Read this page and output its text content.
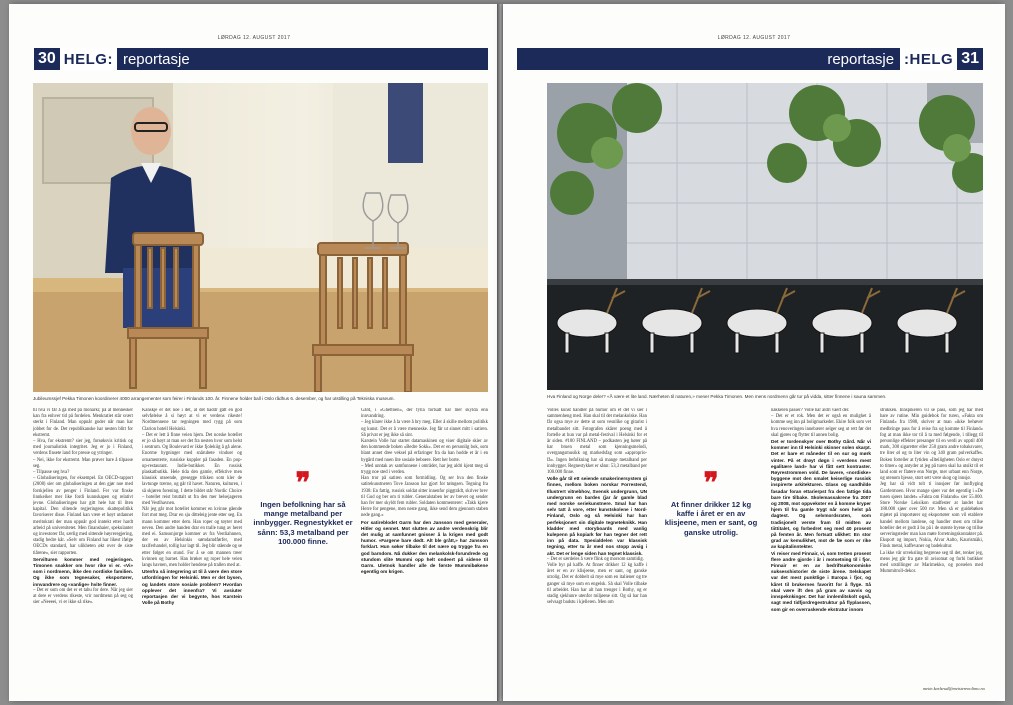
LØRDAG 12. AUGUST 2017
30 HELG: reportasje
Jubileumssjef Pekka Timonen koordinerer 4000 arrangementer som feirer i Finlands 100. år. Finnene holder ball i Oslo rådhus 6. desember, og har utstilling på Tekniska museum.

til hva vi får å gå med på monarki; på at mennesker kan fra enhver tid på fordelen. Menkratiet står svært sterkt i Finland. Man oppnår goder når man har jobbet for de. Det republikanske har nesten blitt for ekstremt.

– Hva, for ekstremt? sier jeg, forsøksvis kritisk og med journalistisk integritet. Jeg er jo i Finland, verdens finsete land for presse og ytringer.

– Nei, ikke for ekstremt. Man prøver bare å tilpasse seg.

– Tilpasse seg hva?

– Globaliseringen, for eksempel. En OECD-rapport (2008) sier om globaliseringen at den gjør noe med forskjellen av penger i Finland. Fer var finske linnkeiker mer like fordi kunnskapen og relativt jevne. Globaliseringen har gitt hele hat til liten kapital. Den slitende regjeringens skattepolitikk favoriserer disse. Finland kan være et høyt utdannet meritokrati der man oppnår god inntekt etter hardt arbeid på universitetet. Men finanshaier, spekulanter og investorer får, særlig med sittende høyreregjering, stadig bedre kår. «Selv om Finland har likest ifølge OECDs standard, har ulikheten økt over de siste tiårene», sier rapporten.

Servilturen kommer med regjeringen. Timonen snakker om hvor rike vi er. «Vi» som i nordmenn, ikke den nordiske familien. Og ikke som tegnesaker, eksportører, innvandrere og «vanlige» hvite finner.

– Det er som om det er et tabu for dere. Når jeg sier at dere er verdens rikeste, vrir nordmenn på seg og sier «Neeeei, vi er ikke så rike».

Kanskje er det noe i det, at det haddr gått en god selvfølelse å si høyt at vi er verdens rikeste! Nordmennene tar regningen med rygg på som Clarion hotell Helsinki.

– Det er lett å finne veien hjem. Det norske hotellet er jo så høyt at man ser det fra nesten hvor som helst i sentrum. Og Boulevard er ikke fjolekiig å gå alene. Enorme bygninger med snårubete vinduer og ornamenterte, russiske kuppler på fasaden. En pop-up-restaurant. Indie-butikker. En russisk plaskatbutikk. Hele tida den gamle, effektive men klassisk utseende, gresegge trikken som kler de lavtunge trærne, og går til havet. Naturen, kulturen, i så skjøren forening. I dette bildet står Nordic Choice – hotellet reist bruttalt ut fra den mer helsejageren med Vestlhavnen.

Når jeg går mot hotellet kommer en kvinne gående fort mot meg. Drar en sju ditteleig jente etter seg. En mann kommer etter dem. Han roper og tøyter med neven. Den andre handen drar en tralle tung av heret med ei. Samsonjorge kommer av fra Vestliahnnen, der en av Helsinkis sømdamdførfer, med taxiferhandel, tollig har lagt til. Jeg blir stående og se etter følget en stund. For å se om mannen treer kvinnen og barnet. Han brøker og roper hele veien langs havnen, men holder hendene på trallen med at.

Utenfra så integrering ut til å være den store utfordringen for Helsinki. Men er det bysen, og landets store sosiale problem? Hvordan opplever det innenfra? Vi avsiuter reportasjen der vi begynte, hos Karstein Volle på Bothy

❞
Ingen befolkning har så mange metalband per innbygger. Regnestykket er sånn: 53,3 metalband per 100.000 finne.

Gård, i «Ghettoen», der fylla fortsatt har mer skylda enn innvandring.

– Jeg klarer ikke å la være å bry meg. Eller å skille mellom politikk og kunst. Det er å være menneske. Jeg får ut sinnet mitt i satiren. Så privat er jeg ikke så sint.

Karstein Volle har startet datamaskinen og viser digitale skier av den kommende boken «Bedre Sokk». Det er en personlig bok, som blant annet dree veksel på erfaringer fra da han hodde et år i en bygård med noen lite sosiale beboere. Rett her borte.

– Med unntak av samfunnene i området, har jeg aldri kjent meg så trygg noe sted i verden.

Han tror på satiren som formidling. Og ser hva den finske satirekunstneren Tove Jansson har gjort for tøingsen. Tegning fra 1938: En fattig, russisk soldat sitter innenfor piggtrådt, skriver brev til Gud og ber om ti rubler. Generalstaben ler av brevet og sender han fer mer skyldt fem rubler. Soldaten kommenterer: «Takk kjære Herre for pengene, men neste gang, ikke send dem gjennom staben nede gang.»

For satireblodet Garm har den Jansson med generaler, Hitler og sennet. Mot slutten av andre verdenskrig blir det mulig at samfunnet gnisser å la krigen med godt humor. «Fargene bare dødt. Alt ble grått,» har Jansson forklart. Hun søker tilbake til det nære og trygge fra en god barndom. Nå dukker den melankolsk-forundrede og stundom slite Mummi opp helt ondeert på sidene til Garm. Uletnok handler alle de første Mummibøkene egentlig om krigen.

LØRDAG 12. AUGUST 2017
reportasje :HELG 31
Hva Finland og Norge deler? «Å være et lite land. Nærheten til naturen,» mener Pekka Timonen. Men mens nordmenn går tur på vidda, sitter finnene i sauna sammen.

Volles kunst handler på humor om et det vi sier i sammenheng med. Han skal til det melankolske. Han får ogsa mye av dette ut som vesnlike og gitarist i metalbandet sitt. Fotografen skårer poeng med å fortelle at hun var på metal-festival i Helsinki for et år siden. #100 FINLAND – podkasten jeg hører på har bruen metal som kjenningsmelodi, overgangsmusikk og markedsfag som «approprio-få». Ingen befolkning har så mange metalband per innbygger. Regnestykket er sånn: 53,3 metalband per 100.000 finne.

Volle går til ett seiende smakerinersystem gi finnes, mellom boken norskar Forrestend, Illustrert vitnebhov, Svensk undergrunn, UN undergrunn en bardes (jar år gamle blad med norske seriekunstnere. Smal har han selv tatt å vore, etter kunstskolene i Nord-Finland, Oslo og så Helsinki har han perfeksjonert sin digitale tegneteknikk. Han kladder med storyboards med vanlig kulepenn på kopiark før han tegner det rett inn på data. Spesialdelen var klassisk tegning, etter tu år med nos stopp avsig i akt. Det er lenge siden han tegnet klassisk.

– Det er særdeles å være flink og morsom samtidig.

Volle byr på kaffe. At finner drikker 12 kg kaffe i året er en av klisjeene, men er sant, og ganske utrolig. Det er dobbelt så mye som en italiener og tre ganger så mye som en engelsk. Så skal Volle tilbake til arbeidet. Han har alt han trenger i Bothy, og er stadig sjeklunre utenfor miljøene sitt. Og så har han selvsagt badstu i kjelleren. Men om

❞
At finner drikker 12 kg kaffe i året er en av klisjeene, men er sant, og ganske utrolig.

nakkelen passer? Volle har aldri vaert der.

– Det er et rok. Men det er også en mulighet å komme seg inn på boligmarkedet. Ekire folk som vet hva renoveringen innebærer selger seg ut rett før det skal gjøres og flytter til annen bolig.

Det er tordenskyer over Bothy Gård. Når vi kommer inn til Helsinki skinner solen skarpt. Det er bare et måneder til en sur og mørk vinter. På et drøyt døgn i «verdens mest egalitære land» har vi fått sett kontraster. Røyrestrommen vold. De lavere, «nordiske» byggene mot den smalet keiserlige russisk inspirerte arkitekturen. Glass og sandhilde fasadar foran ettarierpst fra den fattige tida bare tire tilbake. Skolemassakrene fra 2007 og 2008, mot oppvekster en å komme kryper hjem til fra gamle trygt når som helst på dagtest. Og selvmordsraten, som tradisjonelt verste fram til midten av tiittitalet, og forbedret seg med 40 prosent på femten år. Men fortsatt ulikhet: En stor grad av kemulikhet, mot de fæ som er rike av kapitalinntekter.

Vi reiser med Finnair, vi, som tretten prosent flere andre gjorde i år i motsetning til i fjor. Finnair er en av bedriftsøkonomiske suksesshistorier de siste årene. Selskapet var det mest punktlige i Europa i fjor, og kåret til brukernes favoritt for å flyge. Så skal være ift den på gram av savvis og innspeknkinger. Det har innlemlitskolt også, sagt med tidfjordregestruktur på flyplassen, som gir en overraskende ekstratur innom

strukken. Innspikeren vil se pass, som jeg har med bare av rutine. Min guidebok for turen, «Fakta om Finland» fra 1988, skriver at man «ikke behøver medbringe pass for å reise fra og komme til Finland» fog at man ikke tor til å ta med følgende, i tillegg til personlige effekter presanger til en verdi av opptil 400 mark, 300 sigaretter eller 250 gram andre tobaksvarer, tre liter øl og to liter vin og 340 gram pulverkaffes. Boken forteller at fytiden «Ilteiligheten Oslo er drøyst to timer» og antyder at jeg på turen skal ha utsikt til et land som er flatere enn Norge, mer urbant enn Norge, og utenom bjesse, stort sett være skog og innsjø.

Jeg har så vidt tolt ti innsjøer før innflyging Gardermoen. Hvor mange sjøer var det egentlig i «De tusen sjøers landet» «Fakta om Finlands» sier 55.000. Store Norske Leksikon stadfester at landet har 188.000 sjøer over 500 m². Men så er guidebøken mjøtet på importører og eksportører som vil etablere handel mellom landene, og handler mest om trillse hoteller det er godt å bo på i de største byene og trillse serveringsteder man kan møte forretningskontakter på. Eksport og import, Nokia, Alvar Aalto, Kaurismäki, Finsk metal, kaffevaner og badekultur.

La ikke vår utveksling begrense seg til det, tenker jeg, mens jeg går fra gate til avisomat og forbi butikker med utstillinger av Marimekko, og porselen med Mummitroll-dekor.

mette.karlsrud@meisterenolimo.no
